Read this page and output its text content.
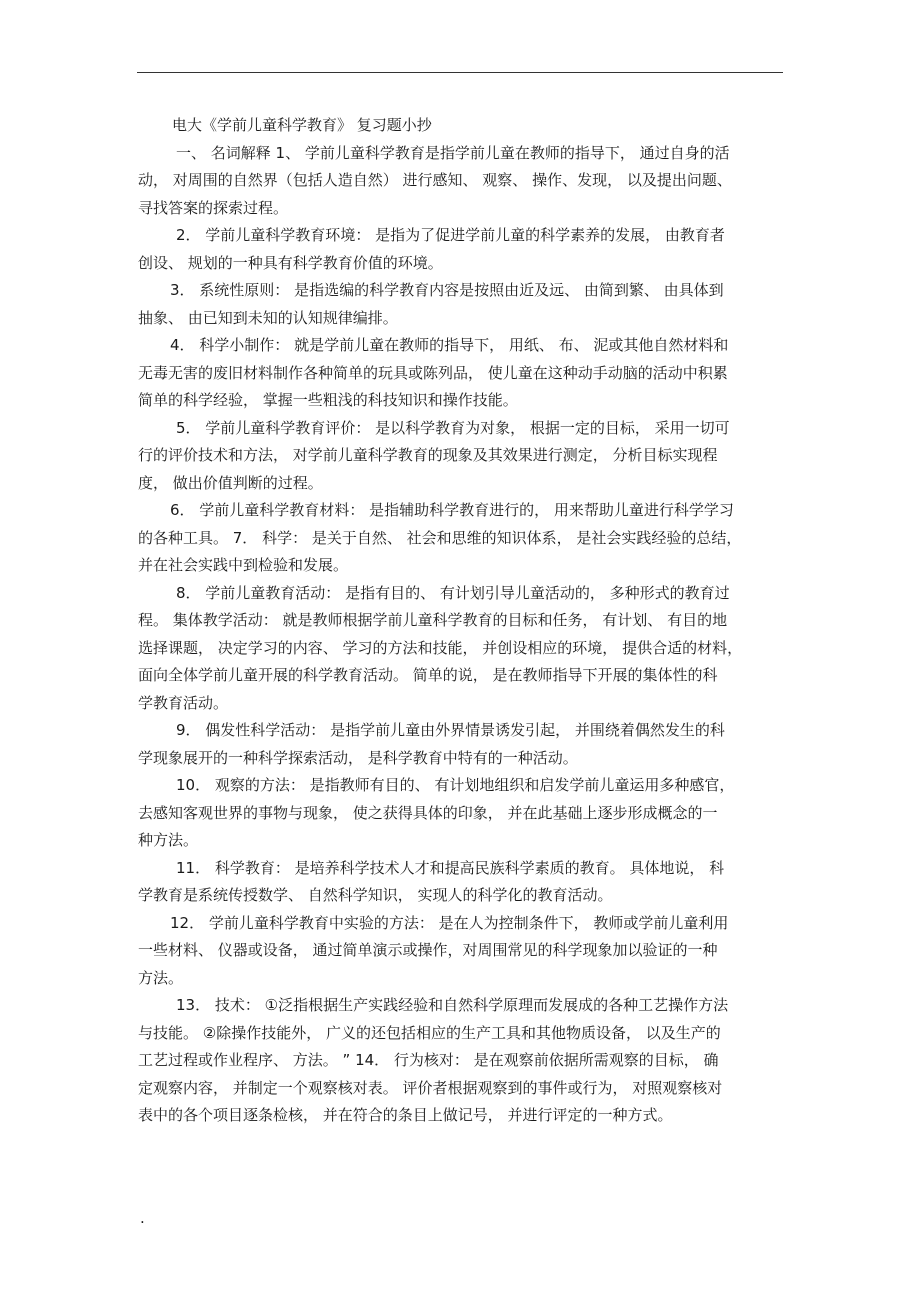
电大《学前儿童科学教育》 复习题小抄

一、 名词解释 1、 学前儿童科学教育是指学前儿童在教师的指导下， 通过自身的活

动， 对周围的自然界（包括人造自然） 进行感知、 观察、 操作、发现， 以及提出问题、

寻找答案的探索过程。

2． 学前儿童科学教育环境： 是指为了促进学前儿童的科学素养的发展， 由教育者

创设、 规划的一种具有科学教育价值的环境。

3． 系统性原则： 是指选编的科学教育内容是按照由近及远、 由简到繁、 由具体到

抽象、 由已知到未知的认知规律编排。

4． 科学小制作： 就是学前儿童在教师的指导下， 用纸、 布、 泥或其他自然材料和

无毒无害的废旧材料制作各种简单的玩具或陈列品， 使儿童在这种动手动脑的活动中积累

简单的科学经验， 掌握一些粗浅的科技知识和操作技能。

5． 学前儿童科学教育评价： 是以科学教育为对象， 根据一定的目标， 采用一切可

行的评价技术和方法， 对学前儿童科学教育的现象及其效果进行测定， 分析目标实现程

度， 做出价值判断的过程。

6． 学前儿童科学教育材料： 是指辅助科学教育进行的， 用来帮助儿童进行科学学习

的各种工具。 7． 科学： 是关于自然、 社会和思维的知识体系， 是社会实践经验的总结，

并在社会实践中到检验和发展。

8． 学前儿童教育活动： 是指有目的、 有计划引导儿童活动的， 多种形式的教育过

程。 集体教学活动： 就是教师根据学前儿童科学教育的目标和任务， 有计划、 有目的地

选择课题， 决定学习的内容、 学习的方法和技能， 并创设相应的环境， 提供合适的材料，

面向全体学前儿童开展的科学教育活动。 简单的说， 是在教师指导下开展的集体性的科

学教育活动。

9． 偶发性科学活动： 是指学前儿童由外界情景诱发引起， 并围绕着偶然发生的科

学现象展开的一种科学探索活动， 是科学教育中特有的一种活动。

10． 观察的方法： 是指教师有目的、 有计划地组织和启发学前儿童运用多种感官，

去感知客观世界的事物与现象， 使之获得具体的印象， 并在此基础上逐步形成概念的一

种方法。

11． 科学教育： 是培养科学技术人才和提高民族科学素质的教育。 具体地说， 科

学教育是系统传授数学、 自然科学知识， 实现人的科学化的教育活动。

12． 学前儿童科学教育中实验的方法： 是在人为控制条件下， 教师或学前儿童利用

一些材料、 仪器或设备， 通过简单演示或操作，对周围常见的科学现象加以验证的一种

方法。

13． 技术： ①泛指根据生产实践经验和自然科学原理而发展成的各种工艺操作方法

与技能。 ②除操作技能外， 广义的还包括相应的生产工具和其他物质设备， 以及生产的

工艺过程或作业程序、 方法。 ” 14． 行为核对： 是在观察前依据所需观察的目标， 确

定观察内容， 并制定一个观察核对表。 评价者根据观察到的事件或行为， 对照观察核对

表中的各个项目逐条检核， 并在符合的条目上做记号， 并进行评定的一种方式。

.
